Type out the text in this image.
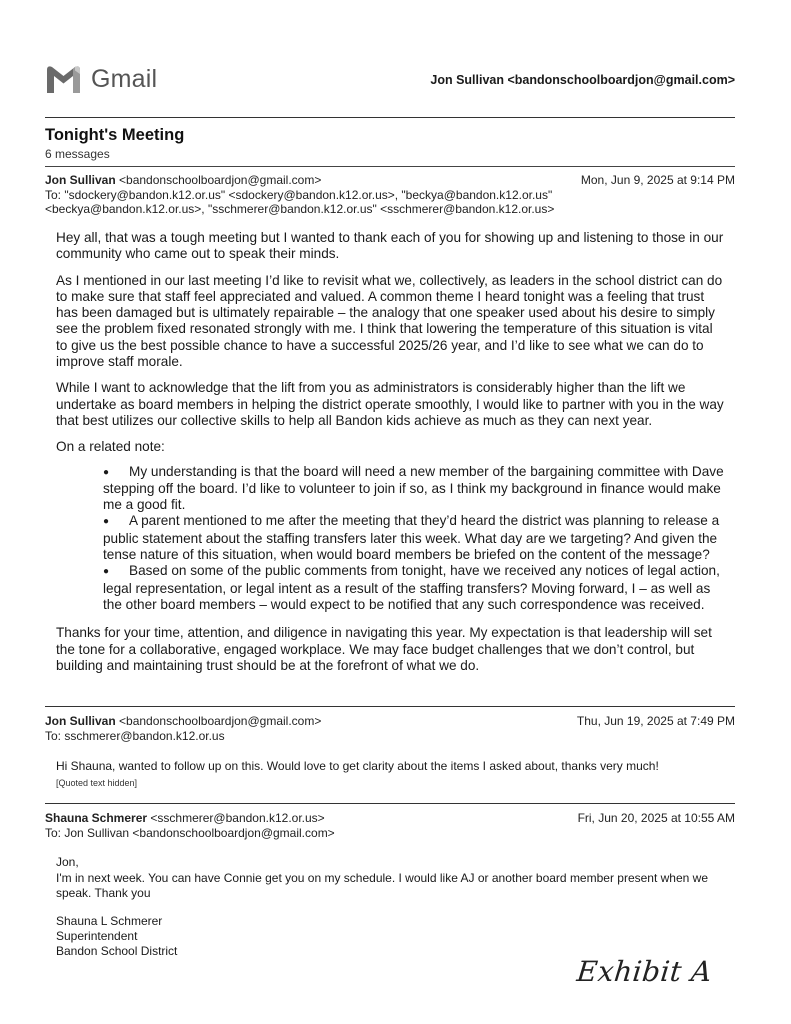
Gmail	Jon Sullivan <bandonschoolboardjon@gmail.com>
Tonight's Meeting
6 messages
Jon Sullivan <bandonschoolboardjon@gmail.com>	Mon, Jun 9, 2025 at 9:14 PM
To: "sdockery@bandon.k12.or.us" <sdockery@bandon.k12.or.us>, "beckya@bandon.k12.or.us"
<beckya@bandon.k12.or.us>, "sschmerer@bandon.k12.or.us" <sschmerer@bandon.k12.or.us>

Hey all, that was a tough meeting but I wanted to thank each of you for showing up and listening to those in our community who came out to speak their minds.

As I mentioned in our last meeting I’d like to revisit what we, collectively, as leaders in the school district can do to make sure that staff feel appreciated and valued. A common theme I heard tonight was a feeling that trust has been damaged but is ultimately repairable – the analogy that one speaker used about his desire to simply see the problem fixed resonated strongly with me. I think that lowering the temperature of this situation is vital to give us the best possible chance to have a successful 2025/26 year, and I’d like to see what we can do to improve staff morale.

While I want to acknowledge that the lift from you as administrators is considerably higher than the lift we undertake as board members in helping the district operate smoothly, I would like to partner with you in the way that best utilizes our collective skills to help all Bandon kids achieve as much as they can next year.

On a related note:

● My understanding is that the board will need a new member of the bargaining committee with Dave stepping off the board. I’d like to volunteer to join if so, as I think my background in finance would make me a good fit.
● A parent mentioned to me after the meeting that they’d heard the district was planning to release a public statement about the staffing transfers later this week. What day are we targeting? And given the tense nature of this situation, when would board members be briefed on the content of the message?
● Based on some of the public comments from tonight, have we received any notices of legal action, legal representation, or legal intent as a result of the staffing transfers? Moving forward, I – as well as the other board members – would expect to be notified that any such correspondence was received.

Thanks for your time, attention, and diligence in navigating this year. My expectation is that leadership will set the tone for a collaborative, engaged workplace. We may face budget challenges that we don’t control, but building and maintaining trust should be at the forefront of what we do.

Jon Sullivan <bandonschoolboardjon@gmail.com>	Thu, Jun 19, 2025 at 7:49 PM
To: sschmerer@bandon.k12.or.us
Hi Shauna, wanted to follow up on this. Would love to get clarity about the items I asked about, thanks very much!
[Quoted text hidden]
Shauna Schmerer <sschmerer@bandon.k12.or.us>	Fri, Jun 20, 2025 at 10:55 AM
To: Jon Sullivan <bandonschoolboardjon@gmail.com>
Jon,
I'm in next week. You can have Connie get you on my schedule. I would like AJ or another board member present when we speak. Thank you
Shauna L Schmerer
Superintendent
Bandon School District
Exhibit A
